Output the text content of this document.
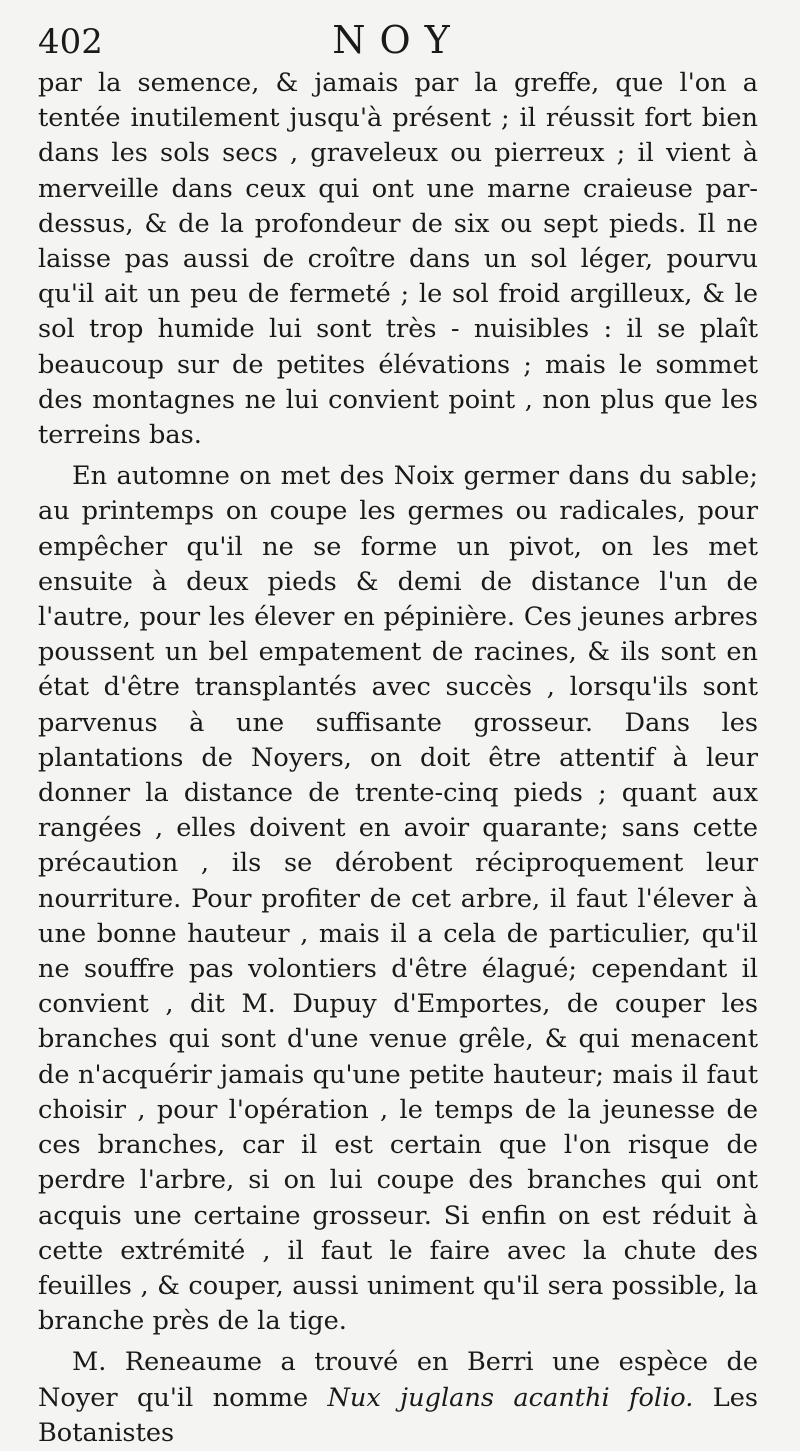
402	NOY

par la semence, & jamais par la greffe, que l'on a tentée inutilement jusqu'à présent ; il réussit fort bien dans les sols secs , graveleux ou pierreux ; il vient à merveille dans ceux qui ont une marne craieuse par-dessus, & de la profondeur de six ou sept pieds. Il ne laisse pas aussi de croître dans un sol léger, pourvu qu'il ait un peu de fermeté ; le sol froid argilleux, & le sol trop humide lui sont très - nuisibles : il se plaît beaucoup sur de petites élévations ; mais le sommet des montagnes ne lui convient point , non plus que les terreins bas.

En automne on met des Noix germer dans du sable; au printemps on coupe les germes ou radicales, pour empêcher qu'il ne se forme un pivot, on les met ensuite à deux pieds & demi de distance l'un de l'autre, pour les élever en pépinière. Ces jeunes arbres poussent un bel empatement de racines, & ils sont en état d'être transplantés avec succès , lorsqu'ils sont parvenus à une suffisante grosseur. Dans les plantations de Noyers, on doit être attentif à leur donner la distance de trente-cinq pieds ; quant aux rangées , elles doivent en avoir quarante; sans cette précaution , ils se dérobent réciproquement leur nourriture. Pour profiter de cet arbre, il faut l'élever à une bonne hauteur , mais il a cela de particulier, qu'il ne souffre pas volontiers d'être élagué; cependant il convient , dit M. Dupuy d'Emportes, de couper les branches qui sont d'une venue grêle, & qui menacent de n'acquérir jamais qu'une petite hauteur; mais il faut choisir , pour l'opération , le temps de la jeunesse de ces branches, car il est certain que l'on risque de perdre l'arbre, si on lui coupe des branches qui ont acquis une certaine grosseur. Si enfin on est réduit à cette extrémité , il faut le faire avec la chute des feuilles , & couper, aussi uniment qu'il sera possible, la branche près de la tige.

M. Reneaume a trouvé en Berri une espèce de Noyer qu'il nomme Nux juglans acanthi folio. Les Botanistes
